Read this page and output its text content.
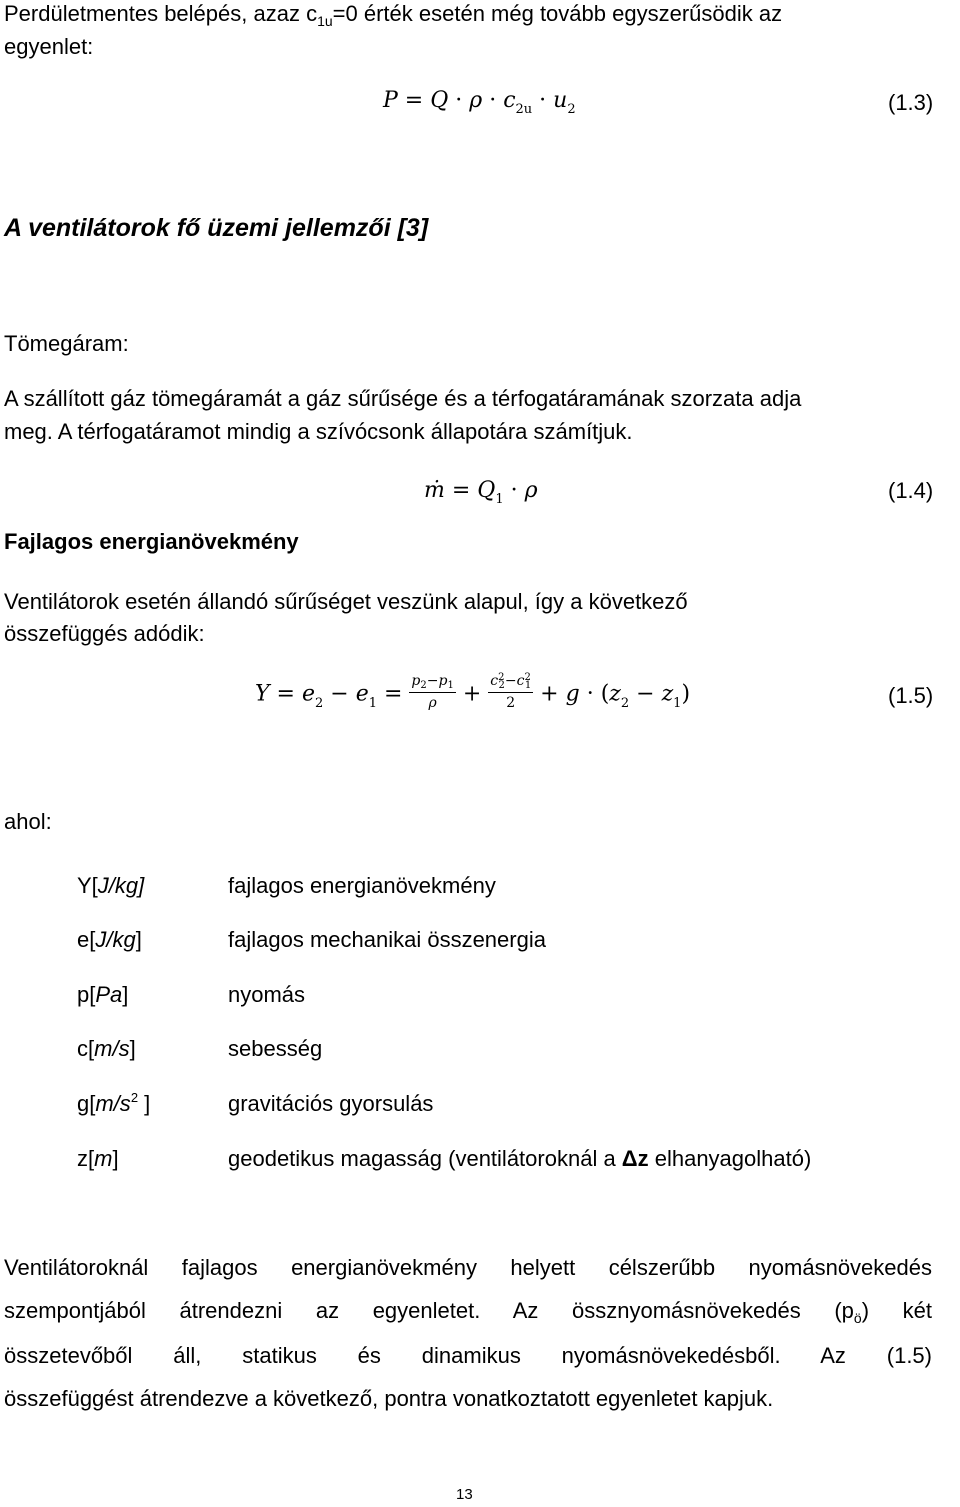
Perdületmentes belépés, azaz $c_{1u}=0$ érték esetén még tovább egyszerűsödik az
egyenlet:
$P = Q \cdot \rho \cdot c_{2u} \cdot u_2$	(1.3)
A ventilátorok fő üzemi jellemzői [3]
Tömegáram:
A szállított gáz tömegáramát a gáz sűrűsége és a térfogatáramának szorzata adja
meg. A térfogatáramot mindig a szívócsonk állapotára számítjuk.
ṁ = $Q_1 \cdot \rho$	(1.4)
Fajlagos energianövekmény
Ventilátorok esetén állandó sűrűséget veszünk alapul, így a következő
összefüggés adódik:
$Y = e_2 - e_1 = \frac{p_2-p_1}{\rho} + \frac{c^2_2-c^2_1}{2} + g \cdot (z_2 - z_1)$	(1.5)
ahol:
Y[J/kg]	fajlagos energianövekmény
e[J/kg]	fajlagos mechanikai összenergia
p[Pa]	nyomás
c[m/s]	sebesség
$g[m/s^2$ ]	gravitációs gyorsulás
z[m]	geodetikus magasság (ventilátoroknál a Δz elhanyagolható)
Ventilátoroknál fajlagos energianövekmény helyett célszerűbb nyomásnövekedés
szempontjából átrendezni az egyenletet. Az össznyomásnövekedés $(p_ö)$ két
összetevőből áll, statikus és dinamikus nyomásnövekedésből. Az (1.5)
összefüggést átrendezve a következő, pontra vonatkoztatott egyenletet kapjuk.
13
